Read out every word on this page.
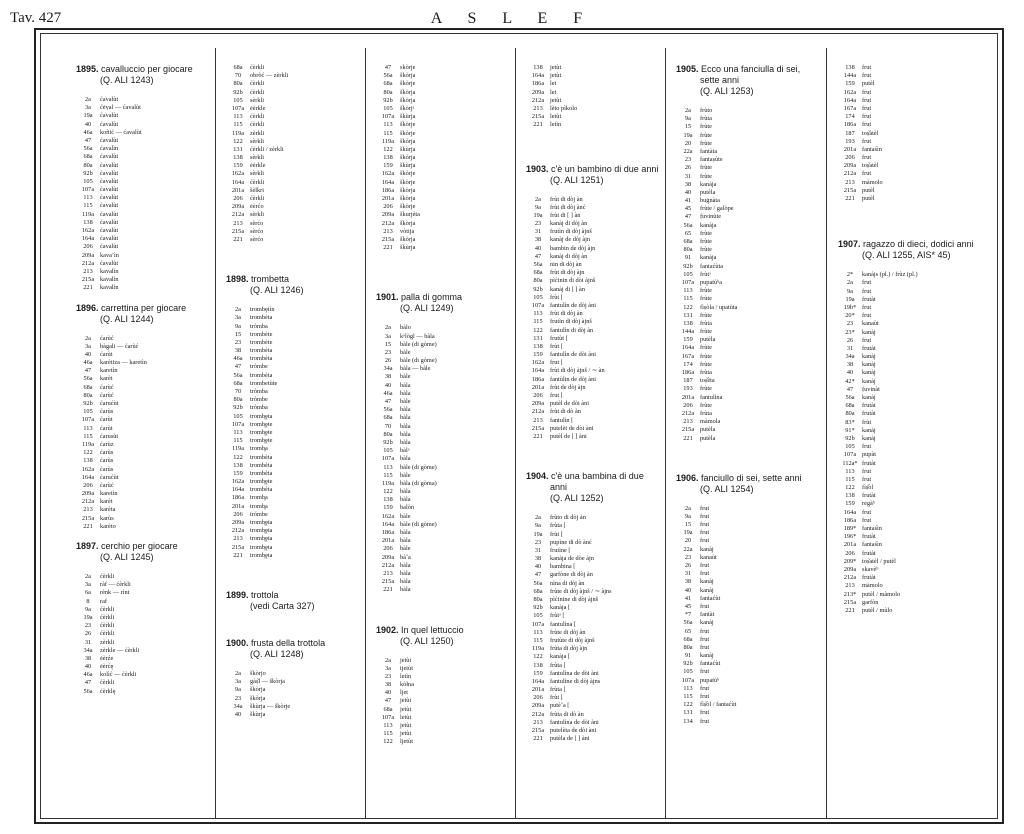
Tav. 427	A S L E F
1895. cavalluccio per giocare
(Q. ALI 1243)
2a ćavalùt
3a ćėṿal — ćavalùt
19a ćavalùt
40 ćavalùt
46a koñić — ćavalùt
47 ćavalùt
56a ćavalìn
68a ćavalùt
80a ćavalùt
92b ćavalùt
105 ćavalùt
107a ćavalùt
113 ćavalùt
115 ćavalùt
119a ćavalùt
138 ćavalùt
162a ćavalùt
164a ćavalùt
206 ćavalùt
209a kava’ìn
212a ćavalùt
213 kavalìn
215a kavalìn
221 kavalìn
1896. carrettina per giocare
(Q. ALI 1244)
2a ćarùć
3a bàgali — ćarùć
40 ćarùt
46a karètiza — karetìn
47 karetìn
56a karèt
68a ćarùć
80a ćarùć
92b ćarućùt
105 ćarùs
107a ćarùt
113 ćarùt
115 ćarusùt
119a ćarùz
122 ćarùs
138 ćarùs
162a ćarùs
164a ćarućùt
206 ćarùć
209a karetìn
212a karèt
213 karèta
215a karùs
221 karèto
1897. cerchio per giocare
(Q. ALI 1245)
2a ćèrkli
3a ràf — ćèrkli
6a rènk — rìnt
8 raf
9a ćèrkli
19a ćèrkli
23 ćèrkli
26 ćèrkli
31 zèrkli
34a zèrkle — ćèrkli
38 ėèrźe
40 ėèrćę
46a kolìć — ćèrkli
47 ćèrkli
56a ćèrklę
68a ćèrkli
70 obròć — zèrkli
80a ćèrkli
92b ćèrkli
105 sèrkli
107a ėèrkle
113 ćèrkli
115 ćèrkli
119a zèrkli
122 sèrkli
131 ćèrkli / zèrkli
138 sèrkli
159 ėèrkle
162a sèrkli
164a ćèrkli
201a šèlkri
206 ćèrkli
209a ėèrćo
212a sèrkli
213 sèrćo
215a sèrćo
221 sèrćo
1898. trombetta
(Q. ALI 1246)
2a trombętìn
3a trombèta
9a tròmba
15 trombète
23 trombète
38 trombèta
46a trombèta
47 tròmbe
56a trombèta
68a trombetùte
70 tròmba
80a tròmbe
92b tròmba
105 tromb̥ęta
107a tromb̥ęte
113 tromb̥ęte
115 tromb̥ęte
119a tromb̥a
122 trombèta
138 trombèta
159 trombèta
162a tromb̥ęte
164a trombèta
186a tromb̥a
201a tromb̥a
206 trómbe
209a tromb̥ęta
212a tromb̥ęta
213 tromb̥ęta
215a tromb̥ęta
221 tromb̥ęta
1899. trottola
(vedi Carta 327)
1900. frusta della trottola
(Q. ALI 1248)
2a škòrjo
3a gàṣ̌l — škòrja
9a škòrja
23 škòrja
34a škùrja — škòrje
40 škùrja
47 skòrje
56a škòrja
68a škòrje
80a škòrja
92b škòrja
105 škòrjᵃ
107a škùrja
113 škòrje
115 škòrje
119a škòrja
122 škùrja
138 škòrja
159 škùrja
162a škòrje
164a škòrje
186a škòrja
201a škòrja
206 škòrje
209a škurjèta
212a škòrja
213 vòtija
215a škòrja
221 škùrja
1901. palla di gomma
(Q. ALI 1249)
2a bàlo
3a kᵒlògl — bàla
15 bàle (di gòme)
23 bàle
26 bàle (di gòme)
34a bàla — bàle
38 bàle
40 bàla
46a bàla
47 bàle
56a bàla
68a bàla
70 bàla
80a bàla
92b bàla
105 bàlᵃ
107a bàla
113 bàle (di gòme)
115 bàle
119a bàla (di gòma)
122 bàla
138 bàla
159 balòn
162a bàle
164a bàle (di gòme)
186a bàla
201a bàla
206 bàle
209a bàˇa
212a bàla
213 bàla
215a bàla
221 bàla
1902. In quel lettuccio
(Q. ALI 1250)
2a jetùt
3a tjetùt
23 letìn
38 kòłna
40 ljet
47 jetùt
68a jetùt
107a letùt
113 jetùt
115 jetùt
122 ljetùt
138 jetùt
164a jetùt
186a let
209a let
212a jetùt
213 lèto pìkolo
215a letùt
221 letìn
1903. c'è un bambino di due anni
(Q. ALI 1251)
2a frùt di dòj àn
9a frùt di dòj ànć
19a frùt di [ ] àn
23 kanàj di dòj àn
31 frutìn di dòj àjnš
38 kanàj de dòj àjn
40 bambin de dòj àjn
47 kanàj di dòj àn
56a nin di dòj àn
68a frùt di dòj àjn
80a pìćinin di dòi àjnš
92b kanàj di [ ] àn
105 frùt [
107a fantulìn de dòj àni
113 frùt di dòj àn
115 frutìn di dòj àjnš
122 fantulìn di dòj àn
131 frutùt [
138 frùt [
159 fantulìn de dòi àni
162a frut [
164a frùt di dòj àjnš / ∼ àn
186a fantùlin de dòj àni
201a frùt de dòj àjn
206 frut [
209a putèl de dòi àni
212a frùt di dò àn
213 fantulìn [
215a putelèt de dòi àni
221 putèl de [ ] àni
1904. c'è una bambina di due anni
(Q. ALI 1252)
2a frùto di dòj àn
9a frùta [
19a frùt [
23 pupìne di dò ànć
31 frutìne [
38 kanàja de dòe àjn
40 bambina [
47 garfòne di dòj àn
56a nìna di dòj àn
68a frùte di dòj àjnš / ∼ àjns
80a pìćinine di dòj àjnš
92b kanàja [
105 frùtᵃ [
107a fantulìna [
113 frùte di dòj àn
115 frutùte di dòj àjnš
119a frùta di dòj àjn
122 kanàja [
138 frùta [
159 fantulìna de dòi àni
164a fantulìne di dòj àjns
201a frùta [
206 frùt [
209a putèˇa [
212a frùta di dò àn
213 fantulìna de dòi àni
215a putelèta de dòi àni
221 putèla de [ ] àni
1905. Ecco una fanciulla di sei, sette anni
(Q. ALI 1253)
2a frùto
9a frùta
15 frùte
19a frùte
20 frùte
22a fantàta
23 fantaṣùte
26 frùte
31 frùte
38 kanàja
40 putèla
41 buġnàta
45 frùte / galòpe
47 f̣uvinùte
56a kanàja
65 frùte
68a frùte
80a frùte
91 kanàja
92b fantaćùta
105 frùtᵃ
107a pupatùᵇa
113 frùte
115 frùte
122 fìṣòla / upatùta
131 frùte
138 frùta
144a frùte
159 putèla
164a frùte
167a frùte
174 frùte
186a frùta
187 toṣ̌èta
193 frùte
201a fantulìna
206 frùte
212a frùta
213 màmola
215a putèla
221 putèla
1906. fanciullo di sei, sette anni
(Q. ALI 1254)
2a frut
9a frut
15 frut
19a frut
20 frut
22a kanàj
23 kanaùt
26 frut
31 frut
38 kanàj
40 kanàj
41 fantaćùt
45 frut
*7 fantàt
56a kanàj
65 frut
68a frut
80a frut
91 kanàj
92b fantaćùt
105 frut
107a pupatùᵇ
113 frut
115 frut
122 fìṣ̌òl / fantaćùt
131 frut
134 frut
138 frut
144a frut
159 putèl
162a frut
164a frut
167a frut
174 frut
186a frut
187 toṣ̌àtèl
193 frut
201a fantaśìn
206 frut
209a toṣ̌atèl
212a frut
213 màmolo
215a putèl
221 putèl
1907. ragazzo di dieci, dodici anni
(Q. ALI 1255, AIS* 45)
2* kanàjs (pl.) / frùz (pl.)
2a frut
9a frut
19a frutàt
19b* frut
20* frut
23 kanaùt
23* kanàj
26 frut
31 frutàt
34a kanàj
38 kanàj
40 kanàj
42* kanàj
47 f̣uvinàt
56a kanàj
68a frutàt
80a frutàt
83* frùt
91* kanàj
92b kanàj
105 frut
107a pupàt
112a* frutàt
113 frut
115 frut
122 fìṣ̌òl
138 frutàt
159 regàᵇ
164a frut
186a frut
189* fantaśìn
196* frutàt
201a fantaśìn
206 frutàt
209* toṣ̌atèl / putèl
209a skavèᵇ
212a frutàt
213 màmolo
213* putèl / màmolo
215a garfòn
221 putèl / mùlo
